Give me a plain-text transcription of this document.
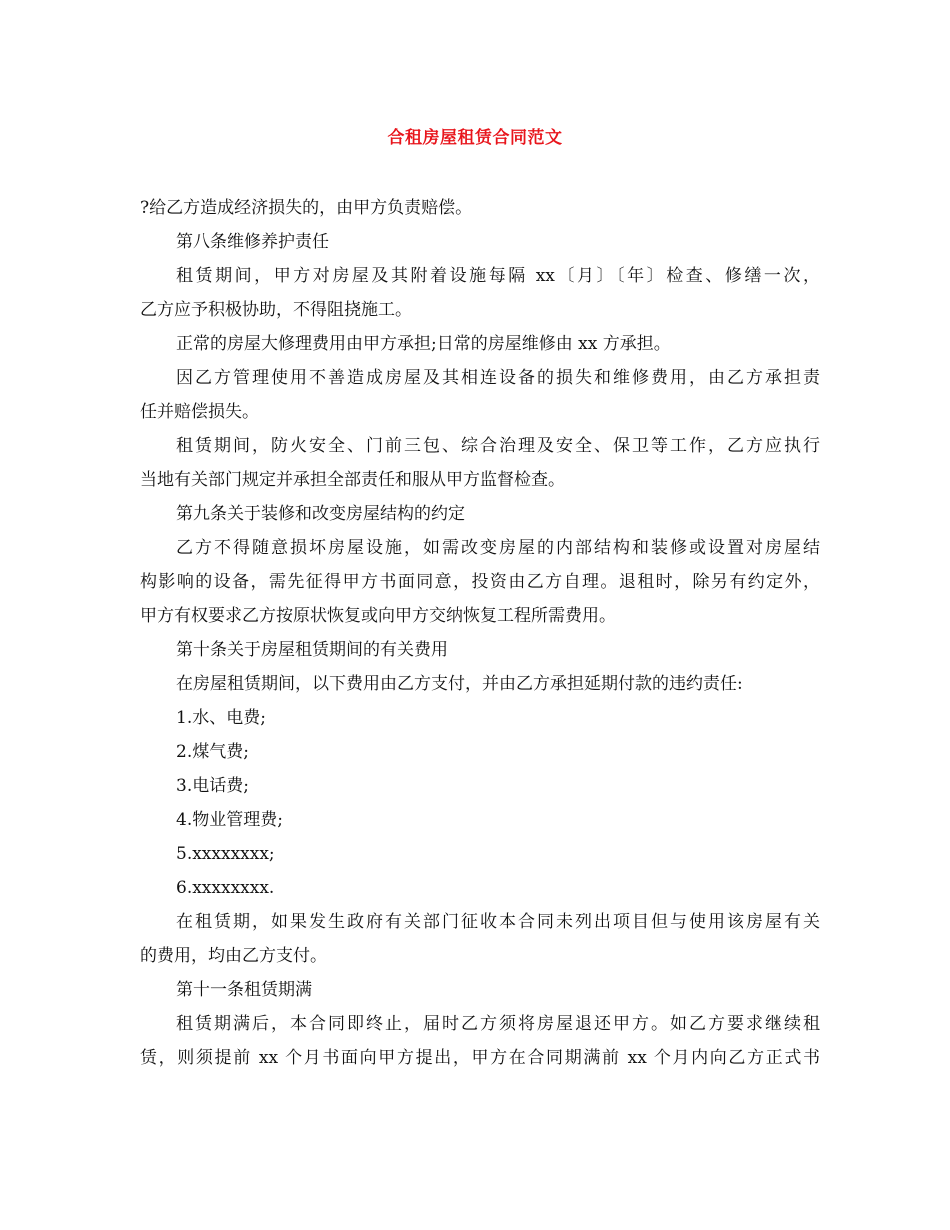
合租房屋租赁合同范文
?给乙方造成经济损失的，由甲方负责赔偿。
第八条维修养护责任
租赁期间，甲方对房屋及其附着设施每隔 xx〔月〕〔年〕检查、修缮一次，
乙方应予积极协助，不得阻挠施工。
正常的房屋大修理费用由甲方承担;日常的房屋维修由 xx 方承担。
因乙方管理使用不善造成房屋及其相连设备的损失和维修费用，由乙方承担责
任并赔偿损失。
租赁期间，防火安全、门前三包、综合治理及安全、保卫等工作，乙方应执行
当地有关部门规定并承担全部责任和服从甲方监督检查。
第九条关于装修和改变房屋结构的约定
乙方不得随意损坏房屋设施，如需改变房屋的内部结构和装修或设置对房屋结
构影响的设备，需先征得甲方书面同意，投资由乙方自理。退租时，除另有约定外，
甲方有权要求乙方按原状恢复或向甲方交纳恢复工程所需费用。
第十条关于房屋租赁期间的有关费用
在房屋租赁期间，以下费用由乙方支付，并由乙方承担延期付款的违约责任:
1.水、电费;
2.煤气费;
3.电话费;
4.物业管理费;
5.xxxxxxxx;
6.xxxxxxxx.
在租赁期，如果发生政府有关部门征收本合同未列出项目但与使用该房屋有关
的费用，均由乙方支付。
第十一条租赁期满
租赁期满后，本合同即终止，届时乙方须将房屋退还甲方。如乙方要求继续租
赁，则须提前 xx 个月书面向甲方提出，甲方在合同期满前 xx 个月内向乙方正式书
